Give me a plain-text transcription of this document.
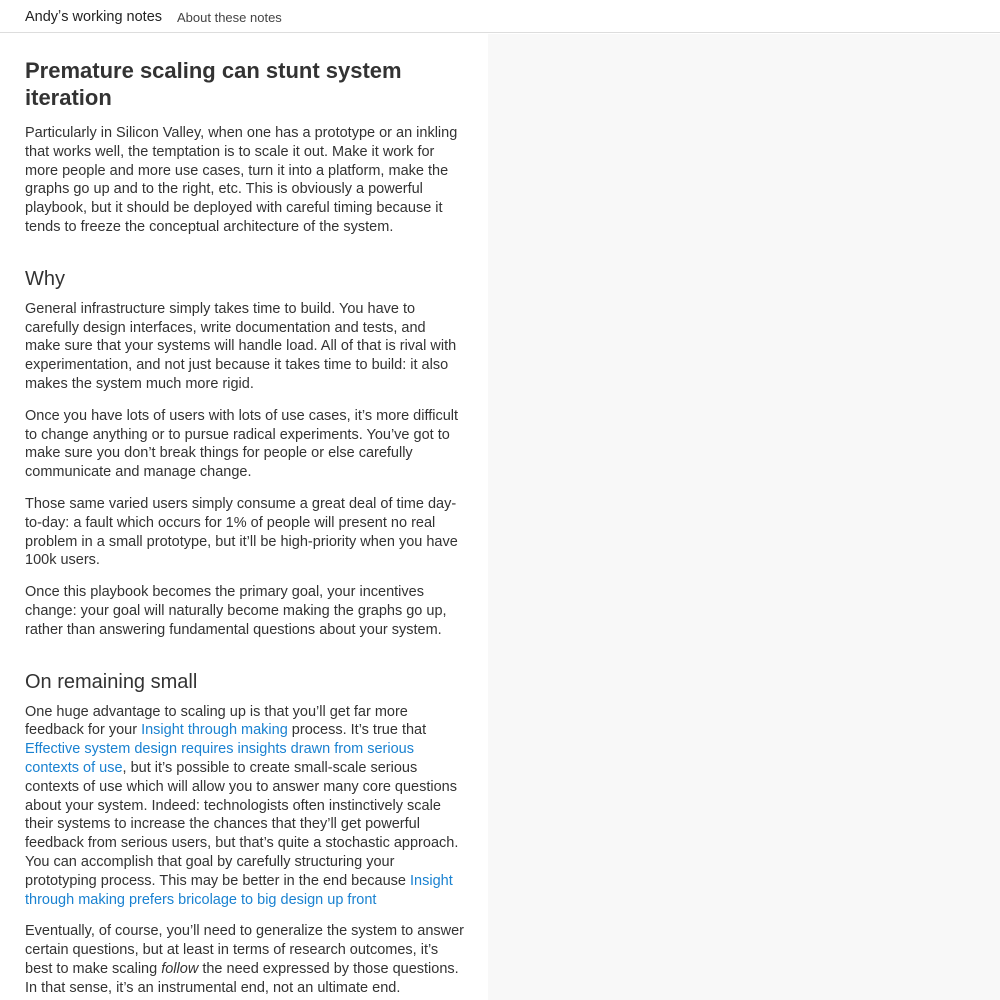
Andyʼs working notes About these notes
Premature scaling can stunt system iteration

Particularly in Silicon Valley, when one has a prototype or an inkling that works well, the temptation is to scale it out. Make it work for more people and more use cases, turn it into a platform, make the graphs go up and to the right, etc. This is obviously a powerful playbook, but it should be deployed with careful timing because it tends to freeze the conceptual architecture of the system.

Why

General infrastructure simply takes time to build. You have to carefully design interfaces, write documentation and tests, and make sure that your systems will handle load. All of that is rival with experimentation, and not just because it takes time to build: it also makes the system much more rigid.

Once you have lots of users with lots of use cases, it’s more difficult to change anything or to pursue radical experiments. You’ve got to make sure you don’t break things for people or else carefully communicate and manage change.

Those same varied users simply consume a great deal of time day-to-day: a fault which occurs for 1% of people will present no real problem in a small prototype, but it’ll be high-priority when you have 100k users.

Once this playbook becomes the primary goal, your incentives change: your goal will naturally become making the graphs go up, rather than answering fundamental questions about your system.

On remaining small

One huge advantage to scaling up is that you’ll get far more feedback for your Insight through making process. It’s true that Effective system design requires insights drawn from serious contexts of use, but it’s possible to create small-scale serious contexts of use which will allow you to answer many core questions about your system. Indeed: technologists often instinctively scale their systems to increase the chances that they’ll get powerful feedback from serious users, but that’s quite a stochastic approach. You can accomplish that goal by carefully structuring your prototyping process. This may be better in the end because Insight through making prefers bricolage to big design up front

Eventually, of course, you’ll need to generalize the system to answer certain questions, but at least in terms of research outcomes, it’s best to make scaling follow the need expressed by those questions. In that sense, it’s an instrumental end, not an ultimate end.
